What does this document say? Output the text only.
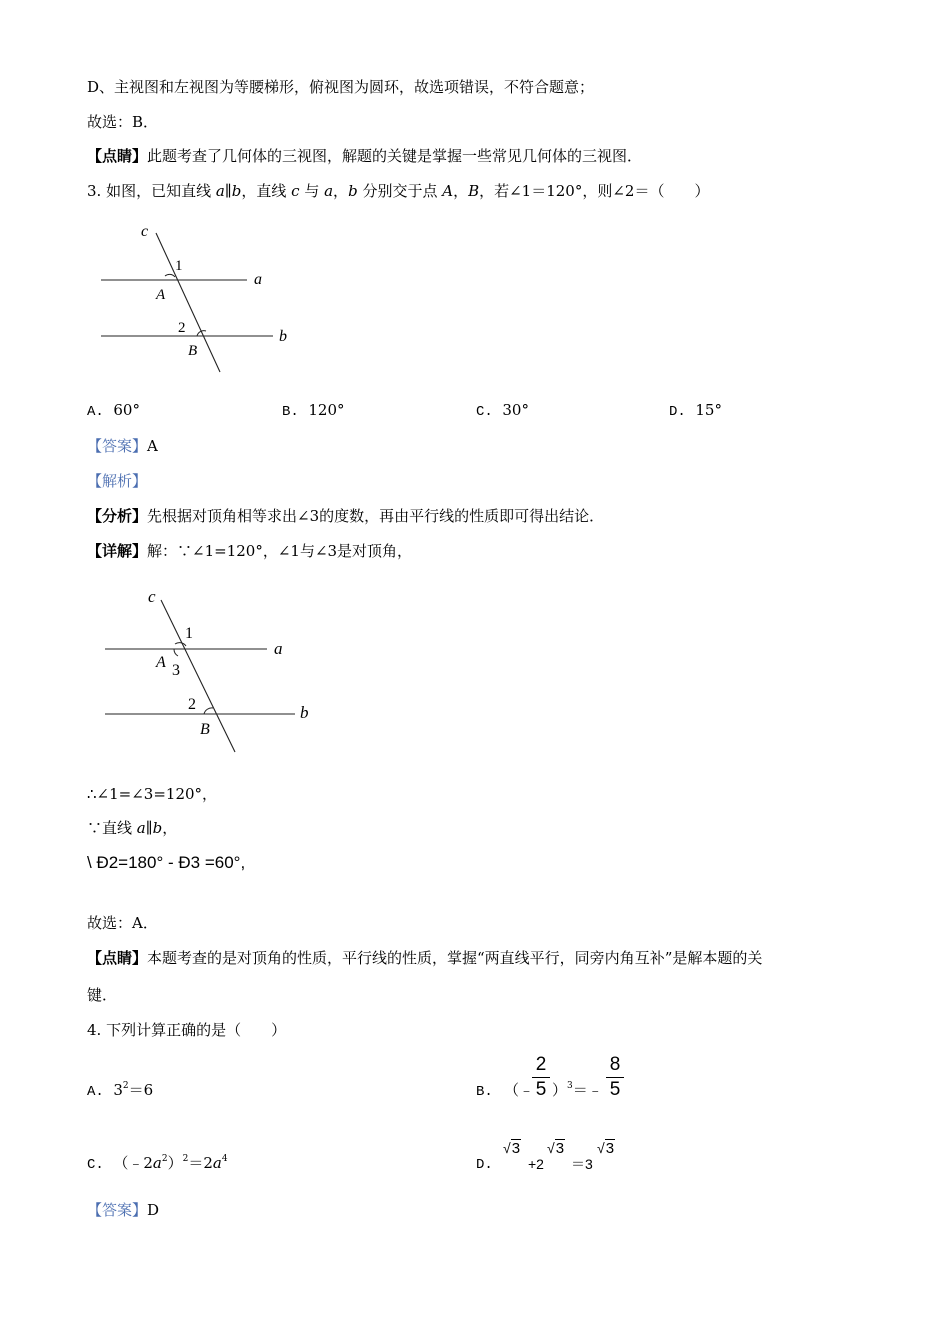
D、主视图和左视图为等腰梯形，俯视图为圆环，故选项错误，不符合题意；
故选：B．
【点睛】此题考查了几何体的三视图，解题的关键是掌握一些常见几何体的三视图．
3. 如图，已知直线 a∥b，直线 c 与 a，b 分别交于点 A，B，若∠1＝120°，则∠2＝（　　）
c
1
a
A
2	b
B
A. 60°	B. 120°	C. 30°	D. 15°
【答案】A
【解析】
【分析】先根据对顶角相等求出∠3的度数，再由平行线的性质即可得出结论．
【详解】解：∵∠1=120°，∠1与∠3是对顶角，
c
1
a
A 3
2	b
B
∴∠1=∠3=120°，
∵直线 a∥b，
\ Ð2=180° - Ð3 =60°,
故选：A．
【点睛】本题考查的是对顶角的性质，平行线的性质，掌握“两直线平行，同旁内角互补”是解本题的关
键．
4. 下列计算正确的是（　　）
A. $3^2=6$	B. （﹣
2
5 ）$^3$＝﹣
8
5
C. $(﹣2a^2)^2=2a^4$	D.
√3
+2
√3
＝3
√3
【答案】D
